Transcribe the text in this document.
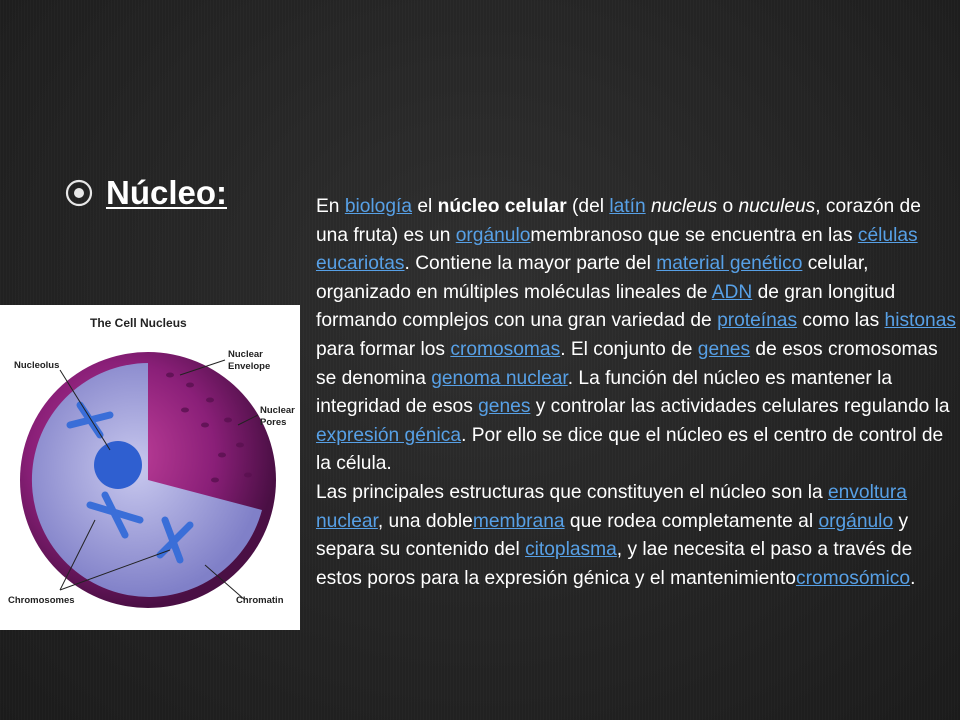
Núcleo:
The Cell Nucleus
Nucleolus
Nuclear
Envelope
Nuclear
Pores
Chromosomes	Chromatin

En biología el núcleo celular (del latín nucleus o nuculeus, corazón de una fruta) es un orgánulomembranoso que se encuentra en las células eucariotas. Contiene la mayor parte del material genético celular, organizado en múltiples moléculas lineales de ADN de gran longitud formando complejos con una gran variedad de proteínas como las histonas para formar los cromosomas. El conjunto de genes de esos cromosomas se denomina genoma nuclear. La función del núcleo es mantener la integridad de esos genes y controlar las actividades celulares regulando la expresión génica. Por ello se dice que el núcleo es el centro de control de la célula.

Las principales estructuras que constituyen el núcleo son la envoltura nuclear, una doblemembrana que rodea completamente al orgánulo y separa su contenido del citoplasma, y lae necesita el paso a través de estos poros para la expresión génica y el mantenimientocromosómico.
